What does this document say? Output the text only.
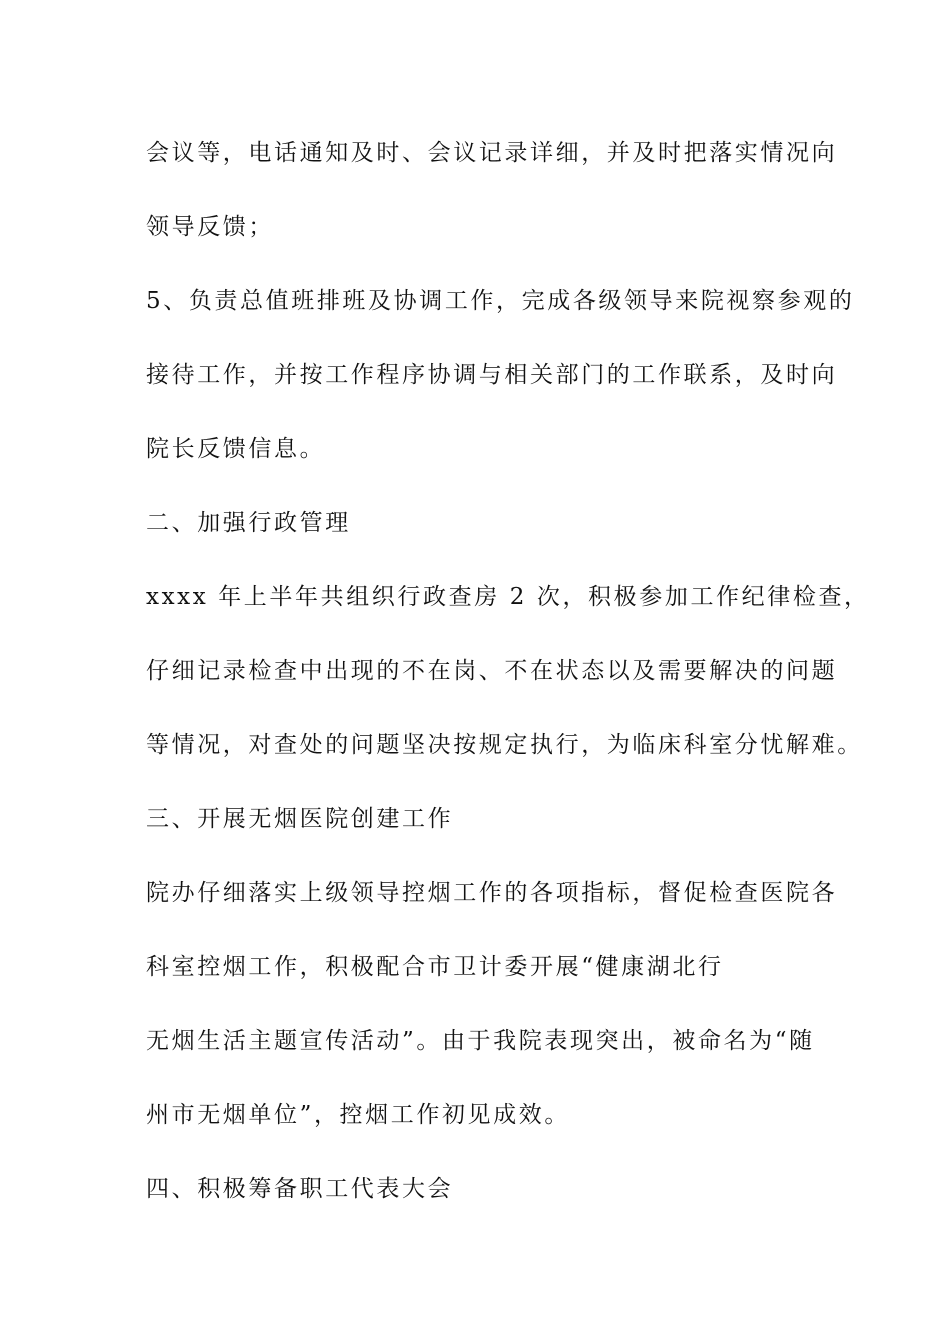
会议等，电话通知及时、会议记录详细，并及时把落实情况向
领导反馈；
5、负责总值班排班及协调工作，完成各级领导来院视察参观的
接待工作，并按工作程序协调与相关部门的工作联系，及时向
院长反馈信息。
二、加强行政管理
xxxx 年上半年共组织行政查房 2 次，积极参加工作纪律检查，
仔细记录检查中出现的不在岗、不在状态以及需要解决的问题
等情况，对查处的问题坚决按规定执行，为临床科室分忧解难。
三、开展无烟医院创建工作
院办仔细落实上级领导控烟工作的各项指标，督促检查医院各
科室控烟工作，积极配合市卫计委开展“健康湖北行
无烟生活主题宣传活动”。由于我院表现突出，被命名为“随
州市无烟单位”，控烟工作初见成效。
四、积极筹备职工代表大会
